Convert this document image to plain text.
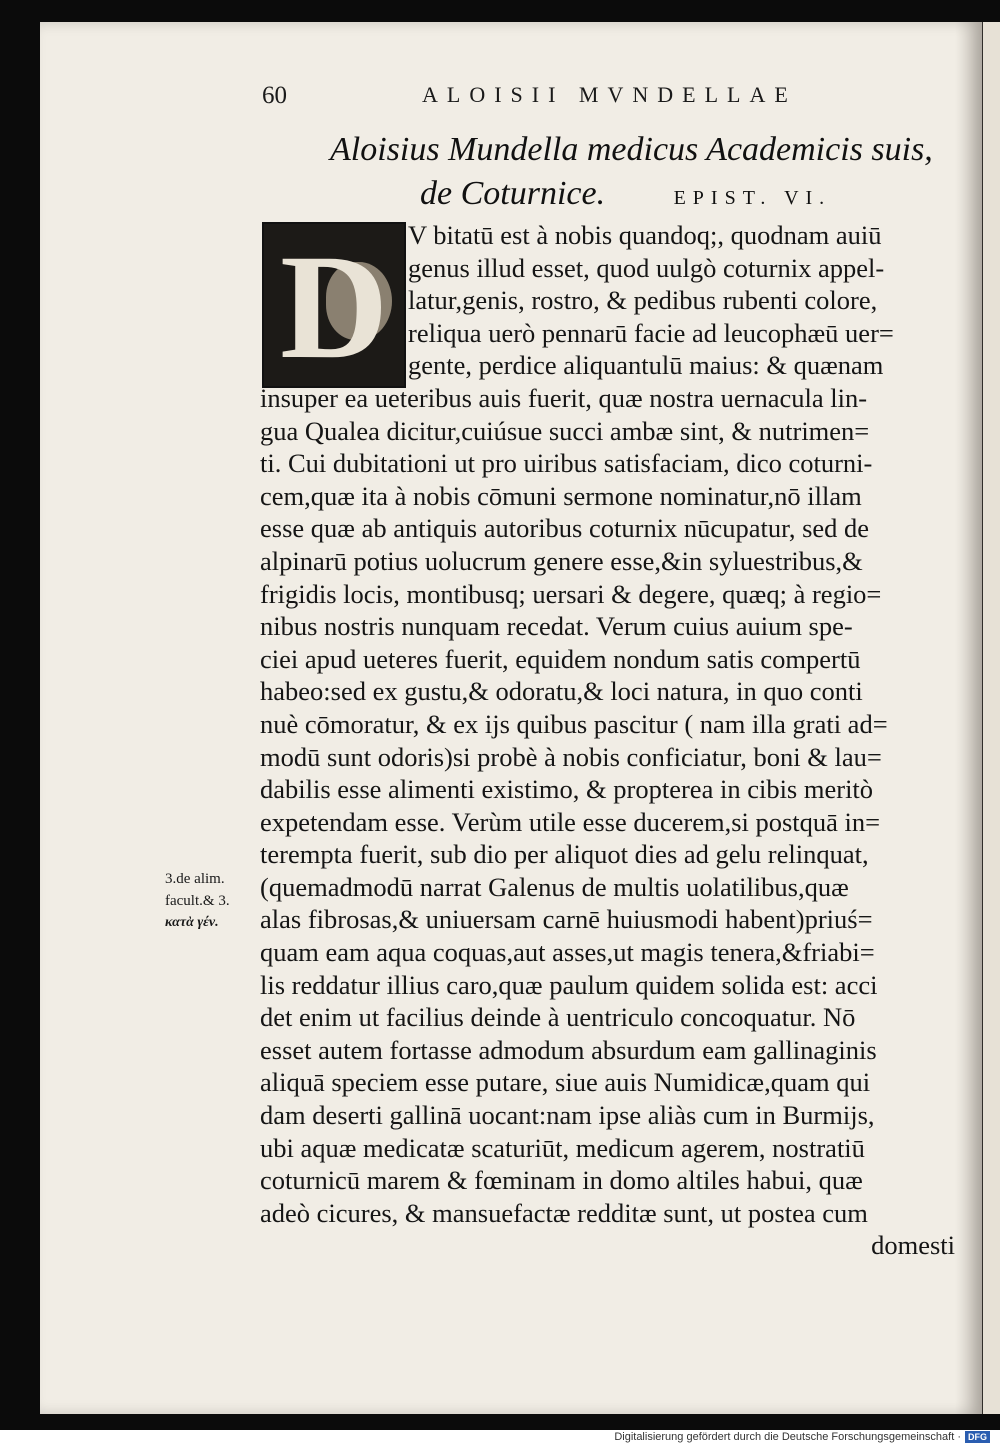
60	ALOISII MVNDELLAE
Aloisius Mundella medicus Academicis suis,
de Coturnice.	EPIST. VI.
D V bitatū est à nobis quandoq;, quodnam auiū
genus illud esset, quod uulgò coturnix appel-
latur,genis, rostro, & pedibus rubenti colore,
reliqua uerò pennarū facie ad leucophæū uer=
gente, perdice aliquantulū maius: & quænam
insuper ea ueteribus auis fuerit, quæ nostra uernacula lin-
gua Qualea dicitur,cuiúsue succi ambæ sint, & nutrimen=
ti. Cui dubitationi ut pro uiribus satisfaciam, dico coturni-
cem,quæ ita à nobis cōmuni sermone nominatur,nō illam
esse quæ ab antiquis autoribus coturnix nūcupatur, sed de
alpinarū potius uolucrum genere esse,&in syluestribus,&
frigidis locis, montibusq; uersari & degere, quæq; à regio=
nibus nostris nunquam recedat. Verum cuius auium spe-
ciei apud ueteres fuerit, equidem nondum satis compertū
habeo:sed ex gustu,& odoratu,& loci natura, in quo conti
nuè cōmoratur, & ex ijs quibus pascitur ( nam illa grati ad=
modū sunt odoris)si probè à nobis conficiatur, boni & lau=
dabilis esse alimenti existimo, & propterea in cibis meritò
expetendam esse. Verùm utile esse ducerem,si postquā in=
terempta fuerit, sub dio per aliquot dies ad gelu relinquat,
(quemadmodū narrat Galenus de multis uolatilibus,quæ
alas fibrosas,& uniuersam carnē huiusmodi habent)priuś=
quam eam aqua coquas,aut asses,ut magis tenera,&friabi=
lis reddatur illius caro,quæ paulum quidem solida est: acci
det enim ut facilius deinde à uentriculo concoquatur. Nō
esset autem fortasse admodum absurdum eam gallinaginis
aliquā speciem esse putare, siue auis Numidicæ,quam qui
dam deserti gallinā uocant:nam ipse aliàs cum in Burmijs,
ubi aquæ medicatæ scaturiūt, medicum agerem, nostratiū
coturnicū marem & fœminam in domo altiles habui, quæ
adeò cicures, & mansuefactæ redditæ sunt, ut postea cum
domesti
3.de alim.
facult.& 3.
κατὰ γέν.
Digitalisierung gefördert durch die Deutsche Forschungsgemeinschaft · DFG
